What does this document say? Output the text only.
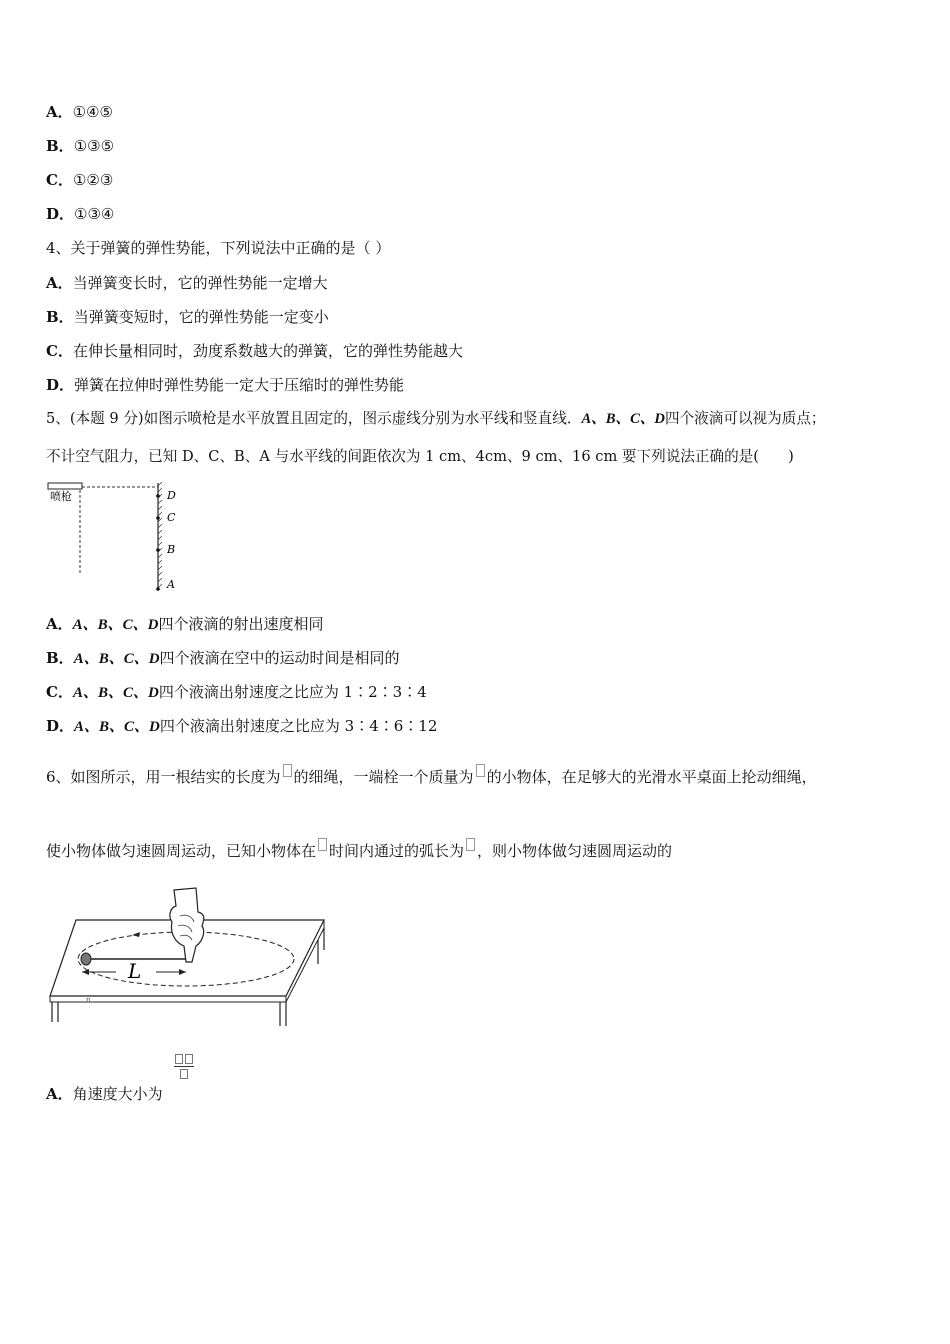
A．①④⑤
B．①③⑤
C．①②③
D．①③④
4、关于弹簧的弹性势能，下列说法中正确的是（ ）
A．当弹簧变长时，它的弹性势能一定增大
B．当弹簧变短时，它的弹性势能一定变小
C．在伸长量相同时，劲度系数越大的弹簧，它的弹性势能越大
D．弹簧在拉伸时弹性势能一定大于压缩时的弹性势能
5、(本题 9 分)如图示喷枪是水平放置且固定的，图示虚线分别为水平线和竖直线．A、B、C、D四个液滴可以视为质点；
不计空气阻力，已知 D、C、B、A 与水平线的间距依次为 1 cm、4cm、9 cm、16 cm 要下列说法正确的是(　　)
喷枪	D
C
B
A
A．A、B、C、D四个液滴的射出速度相同
B．A、B、C、D四个液滴在空中的运动时间是相同的
C．A、B、C、D四个液滴出射速度之比应为 1∶2∶3∶4
D．A、B、C、D四个液滴出射速度之比应为 3∶4∶6∶12
6、如图所示，用一根结实的长度为 的细绳，一端栓一个质量为 的小物体，在足够大的光滑水平桌面上抡动细绳，
使小物体做匀速圆周运动，已知小物体在 时间内通过的弧长为 ，则小物体做匀速圆周运动的
L
n
A．角速度大小为
